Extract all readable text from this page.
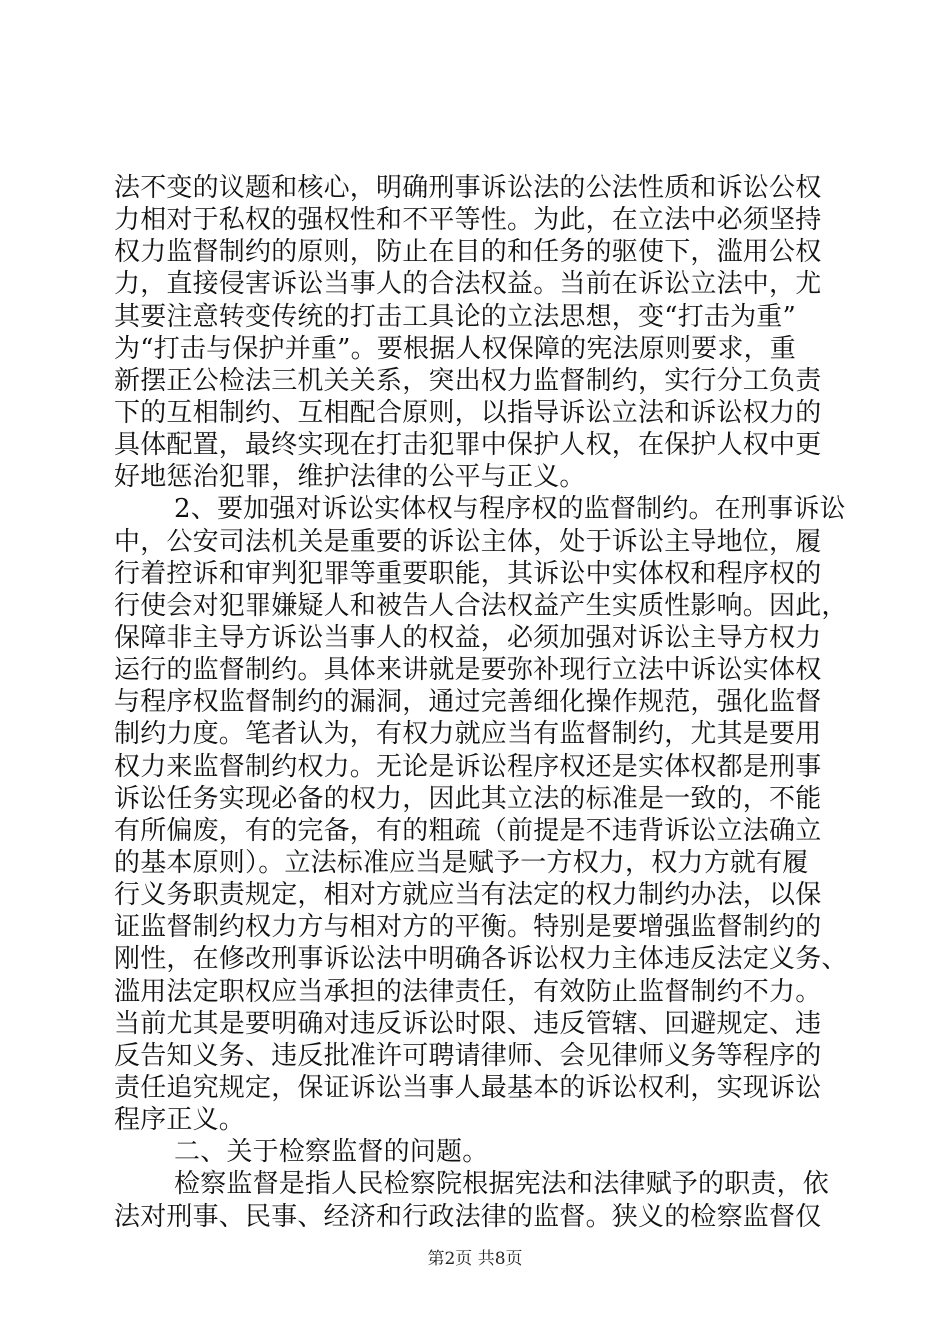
法不变的议题和核心，明确刑事诉讼法的公法性质和诉讼公权
力相对于私权的强权性和不平等性。为此，在立法中必须坚持
权力监督制约的原则，防止在目的和任务的驱使下，滥用公权
力，直接侵害诉讼当事人的合法权益。当前在诉讼立法中，尤
其要注意转变传统的打击工具论的立法思想，变“打击为重”
为“打击与保护并重”。要根据人权保障的宪法原则要求，重
新摆正公检法三机关关系，突出权力监督制约，实行分工负责
下的互相制约、互相配合原则，以指导诉讼立法和诉讼权力的
具体配置，最终实现在打击犯罪中保护人权，在保护人权中更
好地惩治犯罪，维护法律的公平与正义。
2、要加强对诉讼实体权与程序权的监督制约。在刑事诉讼
中，公安司法机关是重要的诉讼主体，处于诉讼主导地位，履
行着控诉和审判犯罪等重要职能，其诉讼中实体权和程序权的
行使会对犯罪嫌疑人和被告人合法权益产生实质性影响。因此，
保障非主导方诉讼当事人的权益，必须加强对诉讼主导方权力
运行的监督制约。具体来讲就是要弥补现行立法中诉讼实体权
与程序权监督制约的漏洞，通过完善细化操作规范，强化监督
制约力度。笔者认为，有权力就应当有监督制约，尤其是要用
权力来监督制约权力。无论是诉讼程序权还是实体权都是刑事
诉讼任务实现必备的权力，因此其立法的标准是一致的，不能
有所偏废，有的完备，有的粗疏（前提是不违背诉讼立法确立
的基本原则）。立法标准应当是赋予一方权力，权力方就有履
行义务职责规定，相对方就应当有法定的权力制约办法，以保
证监督制约权力方与相对方的平衡。特别是要增强监督制约的
刚性，在修改刑事诉讼法中明确各诉讼权力主体违反法定义务、
滥用法定职权应当承担的法律责任，有效防止监督制约不力。
当前尤其是要明确对违反诉讼时限、违反管辖、回避规定、违
反告知义务、违反批准许可聘请律师、会见律师义务等程序的
责任追究规定，保证诉讼当事人最基本的诉讼权利，实现诉讼
程序正义。
二、关于检察监督的问题。
检察监督是指人民检察院根据宪法和法律赋予的职责，依
法对刑事、民事、经济和行政法律的监督。狭义的检察监督仅
第2页 共8页
